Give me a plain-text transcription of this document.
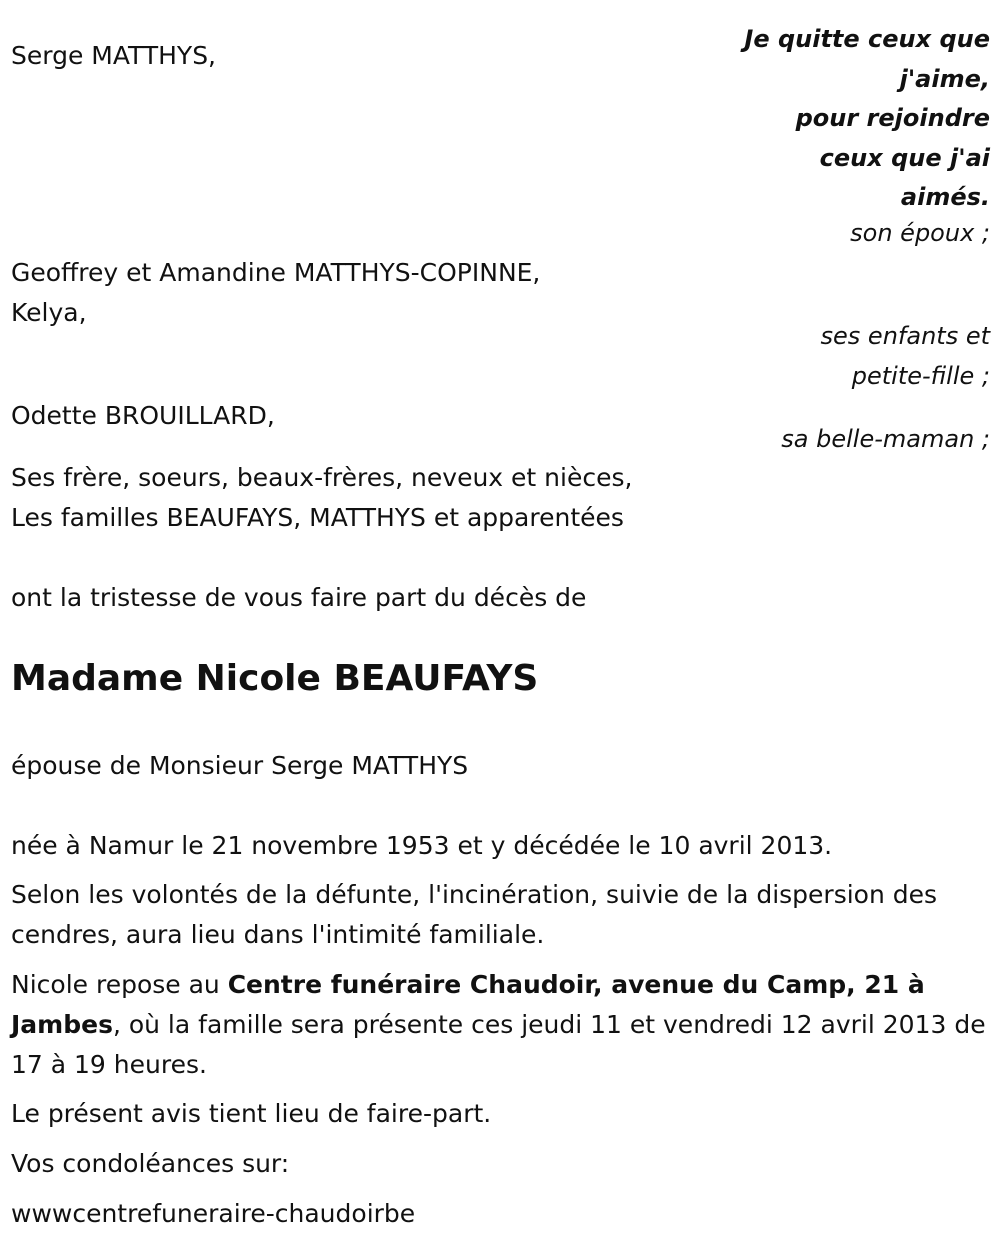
Je quitte ceux que
j'aime,
pour rejoindre
ceux que j'ai
aimés.
Serge MATTHYS,
son époux ;
Geoffrey et Amandine MATTHYS-COPINNE,
Kelya,
ses enfants et
petite-fille ;
Odette BROUILLARD,
sa belle-maman ;
Ses frère, soeurs, beaux-frères, neveux et nièces,
Les familles BEAUFAYS, MATTHYS et apparentées
ont la tristesse de vous faire part du décès de
Madame Nicole BEAUFAYS
épouse de Monsieur Serge MATTHYS
née à Namur le 21 novembre 1953 et y décédée le 10 avril 2013.
Selon les volontés de la défunte, l'incinération, suivie de la dispersion des cendres, aura lieu dans l'intimité familiale.
Nicole repose au Centre funéraire Chaudoir, avenue du Camp, 21 à Jambes, où la famille sera présente ces jeudi 11 et vendredi 12 avril 2013 de 17 à 19 heures.
Le présent avis tient lieu de faire-part.
Vos condoléances sur:
wwwcentrefuneraire-chaudoirbe
